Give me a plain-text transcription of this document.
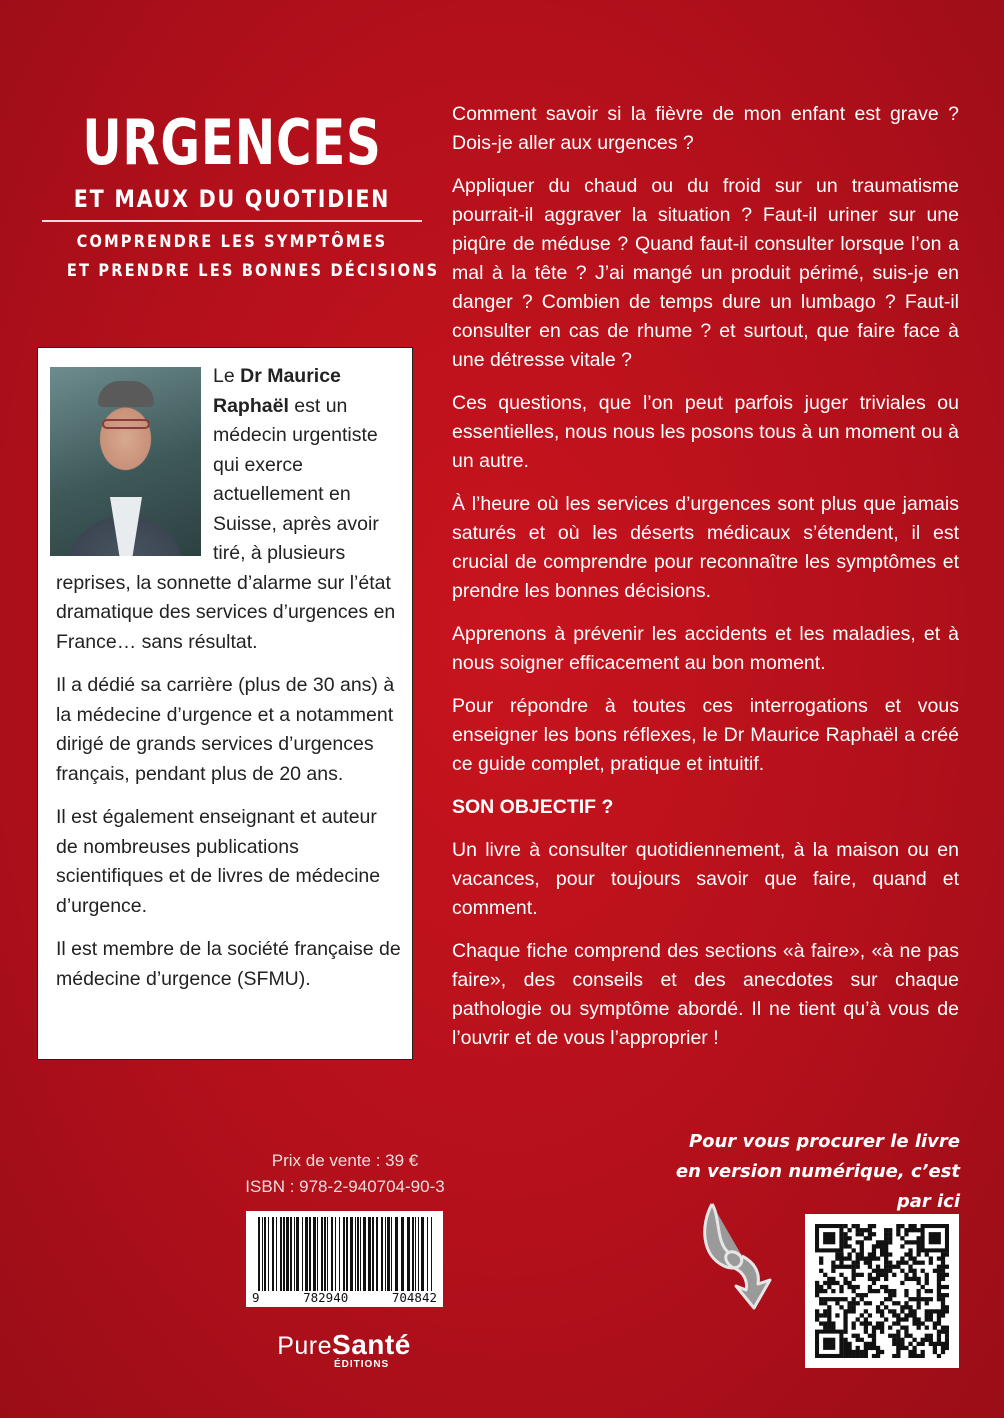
URGENCES
ET MAUX DU QUOTIDIEN
COMPRENDRE LES SYMPTÔMES
ET PRENDRE LES BONNES DÉCISIONS

Le Dr Maurice Raphaël est un médecin urgentiste qui exerce actuellement en Suisse, après avoir tiré, à plusieurs reprises, la sonnette d’alarme sur l’état dramatique des services d’urgences en France… sans résultat.

Il a dédié sa carrière (plus de 30 ans) à la médecine d’urgence et a notamment dirigé de grands services d’urgences français, pendant plus de 20 ans.

Il est également enseignant et auteur de nombreuses publications scientifiques et de livres de médecine d’urgence.

Il est membre de la société française de médecine d’urgence (SFMU).

Comment savoir si la fièvre de mon enfant est grave ? Dois-je aller aux urgences ?

Appliquer du chaud ou du froid sur un traumatisme pourrait-il aggraver la situation ? Faut-il uriner sur une piqûre de méduse ? Quand faut-il consulter lorsque l’on a mal à la tête ? J’ai mangé un produit périmé, suis-je en danger ? Combien de temps dure un lumbago ? Faut-il consulter en cas de rhume ? et surtout, que faire face à une détresse vitale ?

Ces questions, que l’on peut parfois juger triviales ou essentielles, nous nous les posons tous à un moment ou à un autre.

À l’heure où les services d’urgences sont plus que jamais saturés et où les déserts médicaux s’étendent, il est crucial de comprendre pour reconnaître les symptômes et prendre les bonnes décisions.

Apprenons à prévenir les accidents et les maladies, et à nous soigner efficacement au bon moment.

Pour répondre à toutes ces interrogations et vous enseigner les bons réflexes, le Dr Maurice Raphaël a créé ce guide complet, pratique et intuitif.

SON OBJECTIF ?

Un livre à consulter quotidiennement, à la maison ou en vacances, pour toujours savoir que faire, quand et comment.

Chaque fiche comprend des sections «à faire», «à ne pas faire», des conseils et des anecdotes sur chaque pathologie ou symptôme abordé. Il ne tient qu’à vous de l’ouvrir et de vous l’approprier !

Prix de vente : 39 €
ISBN : 978-2-940704-90-3
9	782940	704842
PureSanté
ÉDITIONS
Pour vous procurer le livre
en version numérique, c’est par ici
